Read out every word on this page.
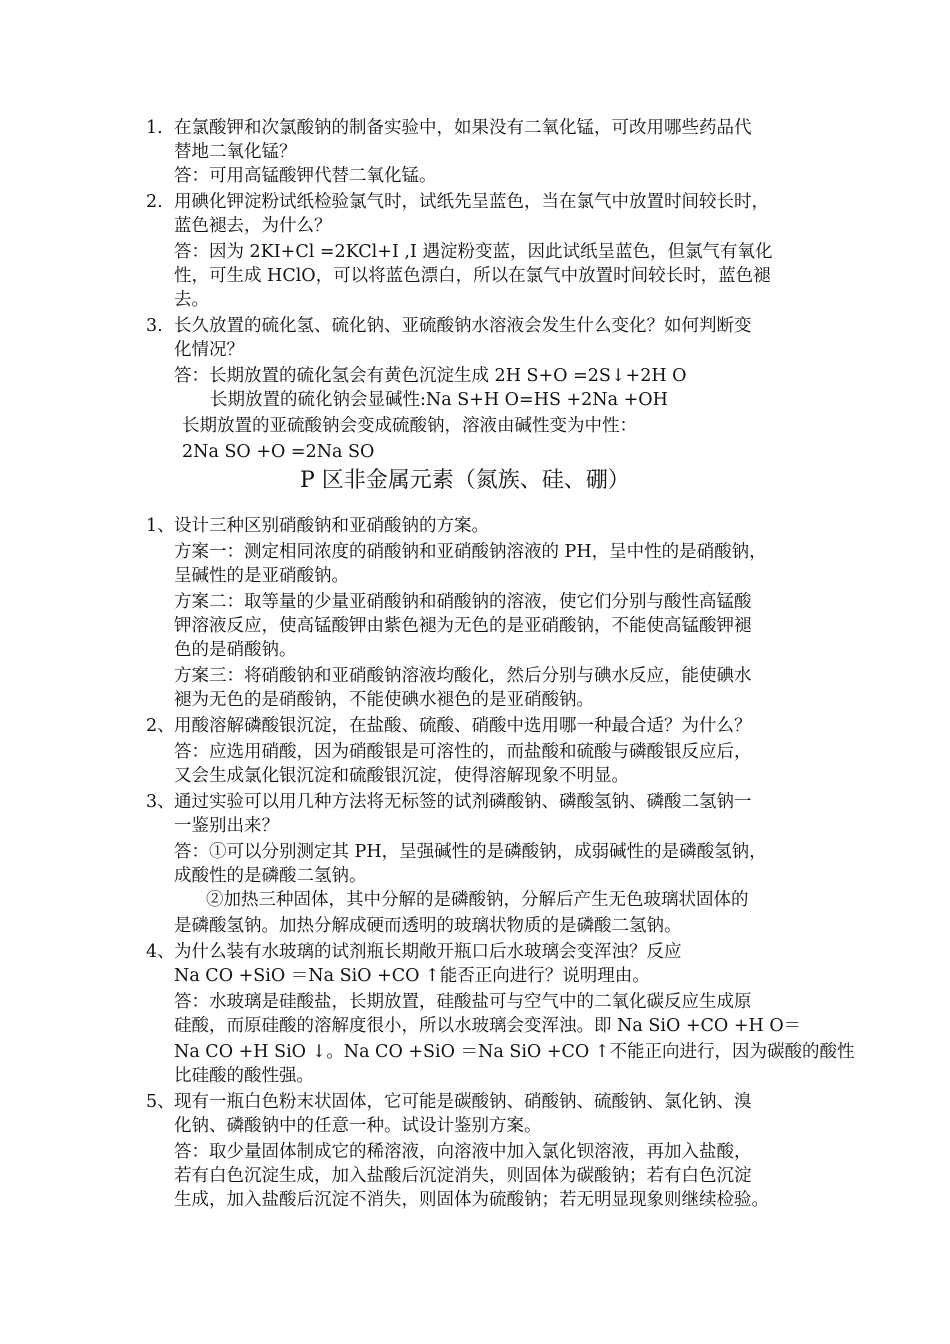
1. 在氯酸钾和次氯酸钠的制备实验中，如果没有二氧化锰，可改用哪些药品代
替地二氧化锰？
答：可用高锰酸钾代替二氧化锰。
2. 用碘化钾淀粉试纸检验氯气时，试纸先呈蓝色，当在氯气中放置时间较长时，
蓝色褪去，为什么？
答：因为 2KI+Cl =2KCl+I ,I 遇淀粉变蓝，因此试纸呈蓝色，但氯气有氧化
性，可生成 HClO，可以将蓝色漂白，所以在氯气中放置时间较长时，蓝色褪
去。
3. 长久放置的硫化氢、硫化钠、亚硫酸钠水溶液会发生什么变化？如何判断变
化情况？
答：长期放置的硫化氢会有黄色沉淀生成 2H S+O =2S↓+2H O
长期放置的硫化钠会显碱性:Na S+H O=HS +2Na +OH
长期放置的亚硫酸钠会变成硫酸钠，溶液由碱性变为中性：
2Na SO +O =2Na SO
P 区非金属元素（氮族、硅、硼）
1、 设计三种区别硝酸钠和亚硝酸钠的方案。
方案一：测定相同浓度的硝酸钠和亚硝酸钠溶液的 PH，呈中性的是硝酸钠，
呈碱性的是亚硝酸钠。
方案二：取等量的少量亚硝酸钠和硝酸钠的溶液，使它们分别与酸性高锰酸
钾溶液反应，使高锰酸钾由紫色褪为无色的是亚硝酸钠，不能使高锰酸钾褪
色的是硝酸钠。
方案三：将硝酸钠和亚硝酸钠溶液均酸化，然后分别与碘水反应，能使碘水
褪为无色的是硝酸钠，不能使碘水褪色的是亚硝酸钠。
2、 用酸溶解磷酸银沉淀，在盐酸、硫酸、硝酸中选用哪一种最合适？为什么？
答：应选用硝酸，因为硝酸银是可溶性的，而盐酸和硫酸与磷酸银反应后，
又会生成氯化银沉淀和硫酸银沉淀，使得溶解现象不明显。
3、 通过实验可以用几种方法将无标签的试剂磷酸钠、磷酸氢钠、磷酸二氢钠一
一鉴别出来？
答：①可以分别测定其 PH，呈强碱性的是磷酸钠，成弱碱性的是磷酸氢钠，
成酸性的是磷酸二氢钠。
②加热三种固体，其中分解的是磷酸钠，分解后产生无色玻璃状固体的
是磷酸氢钠。加热分解成硬而透明的玻璃状物质的是磷酸二氢钠。
4、 为什么装有水玻璃的试剂瓶长期敞开瓶口后水玻璃会变浑浊？反应
Na CO +SiO ＝Na SiO +CO ↑能否正向进行？说明理由。
答：水玻璃是硅酸盐，长期放置，硅酸盐可与空气中的二氧化碳反应生成原
硅酸，而原硅酸的溶解度很小，所以水玻璃会变浑浊。即 Na SiO +CO +H O＝
Na CO +H SiO ↓。Na CO +SiO ＝Na SiO +CO ↑不能正向进行，因为碳酸的酸性
比硅酸的酸性强。
5、 现有一瓶白色粉末状固体，它可能是碳酸钠、硝酸钠、硫酸钠、氯化钠、溴
化钠、磷酸钠中的任意一种。试设计鉴别方案。
答：取少量固体制成它的稀溶液，向溶液中加入氯化钡溶液，再加入盐酸，
若有白色沉淀生成，加入盐酸后沉淀消失，则固体为碳酸钠；若有白色沉淀
生成，加入盐酸后沉淀不消失，则固体为硫酸钠；若无明显现象则继续检验。
